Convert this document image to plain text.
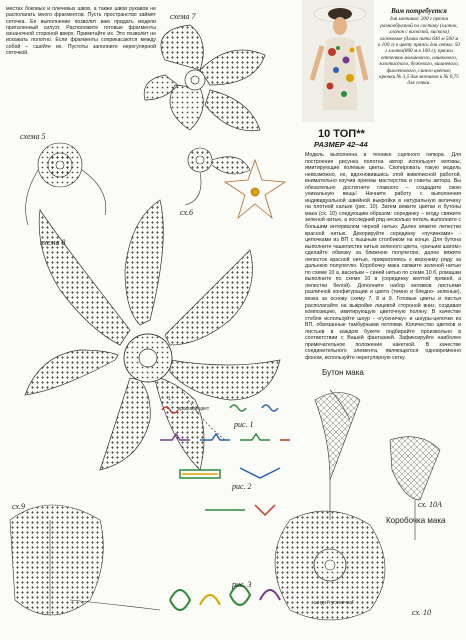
местах боковых и плечевых швов, а также швов рукавов не располагать много фрагментов. Пусть пространство займет сеточка. Ее выполнение позволит вам придать модели приталенный силуэт. Расположите готовые фрагменты изнаночной стороной вверх. Приметайте их. Это позволит не искажать полотно. Если фрагменты соприкасаются между собой – сшейте их. Пустоты заполните нерегулярной сеточкой.
Вам потребуется
для мотивов: 200 г пряжи разнообразной по составу (хлопок, хлопок с вискозой, вискоза) хлопковые (длина нити 640 м 500 м в 100 г) в цвету пряжи для сетки: 50 г хлопка(800 м в 100 г); пряжи оттенков малинового, оливкового, золотистого, бежевого, вишневого, фиолетового, синего цветов; крючки № 3,5 для мотивов и № 0,75 для сетки.
10 ТОП**
РАЗМЕР 42–44
Модель выполнена в технике сцепного гипюра. Для построения рисунка полотна автор использует мотивы, имитирующие полевые цветы. Скопировать такую модель невозможно, но, вдохновившись этой живописной работой, внимательно изучив приемы мастерства и советы автора. Вы обязательно достигнете главного – создадите свою уникальную вещь! Начните работу с выполнения индивидуальной швейной выкройки в натуральную величину на плотной кальке (рис. 10). Затем вяжите цветки и бутоны мака (сх. 10) следующим образом: серединку – вгоду свяжите зеленой нитью, а последний ряд несколько петель выполните с большим интервалом черной нитью. Далее вяжите лепестки красной нитью. Декорируйте серединку «пучинками» - цепочками из ВП с пышным столбиком на конце. Для бутона выполните чашелистик нитью зеленого цвета, «рачьим шагом» сделайте обвязку за ближною полупетлю, далее вяжите лепесток красной нитью, прикрепляясь к верхнему ряду за дальнюю полупетлю. Коробочку мака свяжите зеленой нитью по схеме 10 а, васильки – синей нитью по схеме 10 б, ромашки выполните по схеме 10 в (серединку желтой пряжей, а лепестки белой). Дополните набор мотивов листьями различной конфигурации и цвета (темно и бледно- зеленые), вязка за основу схему 7, 8 и 9. Готовые цветы и листья располагайте на выкройке лицевой стороной вниз, создавая композицию, имитирующую цветочную поляну. В качестве стебля используйте шнур - «гусеничку» и шнуры-цепочки из ВП, обвязанные тамбурными петлями. Количество цветков и листьев в каждом букете подбирайте произвольно в соответствии с Вашей фантазией. Зафиксируйте наиболее примечательное положение накеткой. В качестве соединительного элемента, являющегося одновременно фоном, используйте нерегулярную сетку.
схема 7
схема 5
схема 8
сх.6
сх.9
сх. 10
сх. 10А
Бутон мака
Коробочка мака
шнур "гусеничка"
рис. 1
рис. 2
рис. 3
красный цвет
1
